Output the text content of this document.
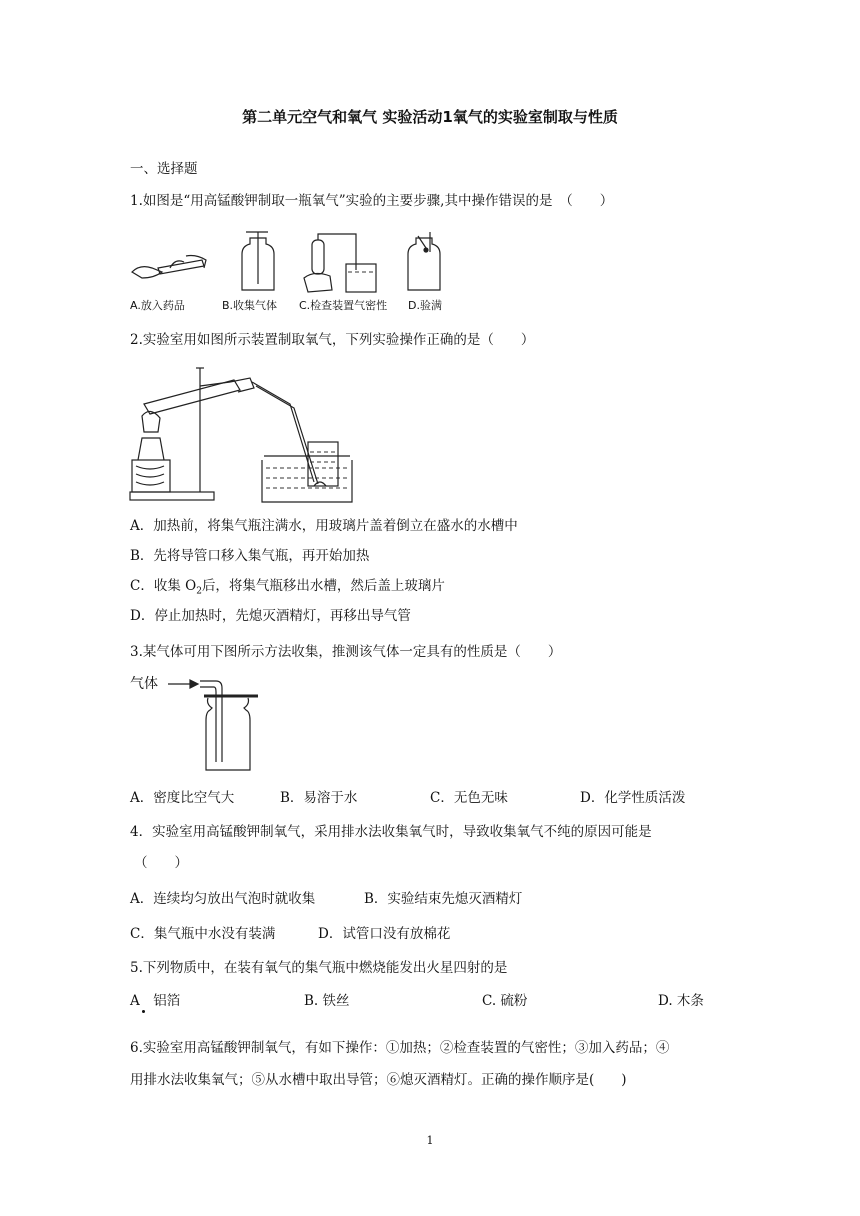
第二单元空气和氧气 实验活动1氧气的实验室制取与性质
一、选择题
1.如图是“用高锰酸钾制取一瓶氧气”实验的主要步骤,其中操作错误的是　（　　）
A.放入药品	B.收集气体 C.检查装置气密性 D.验满
2.实验室用如图所示装置制取氧气，下列实验操作正确的是（　　）
A．加热前，将集气瓶注满水，用玻璃片盖着倒立在盛水的水槽中
B．先将导管口移入集气瓶，再开始加热
C．收集 $O_2$后，将集气瓶移出水槽，然后盖上玻璃片
D．停止加热时，先熄灭酒精灯，再移出导气管
3.某气体可用下图所示方法收集，推测该气体一定具有的性质是（　　）
气体
A．密度比空气大	B．易溶于水	C．无色无味	D．化学性质活泼
4．实验室用高锰酸钾制氧气，采用排水法收集氧气时，导致收集氧气不纯的原因可能是
（　　）
A．连续均匀放出气泡时就收集	B．实验结束先熄灭酒精灯
C．集气瓶中水没有装满	D．试管口没有放棉花
5.下列物质中，在装有氧气的集气瓶中燃烧能发出火星四射的是
A　铝箔	B. 铁丝	C. 硫粉	D. 木条
6.实验室用高锰酸钾制氧气，有如下操作：①加热；②检查装置的气密性；③加入药品；④
用排水法收集氧气；⑤从水槽中取出导管；⑥熄灭酒精灯。正确的操作顺序是(　　)
1
